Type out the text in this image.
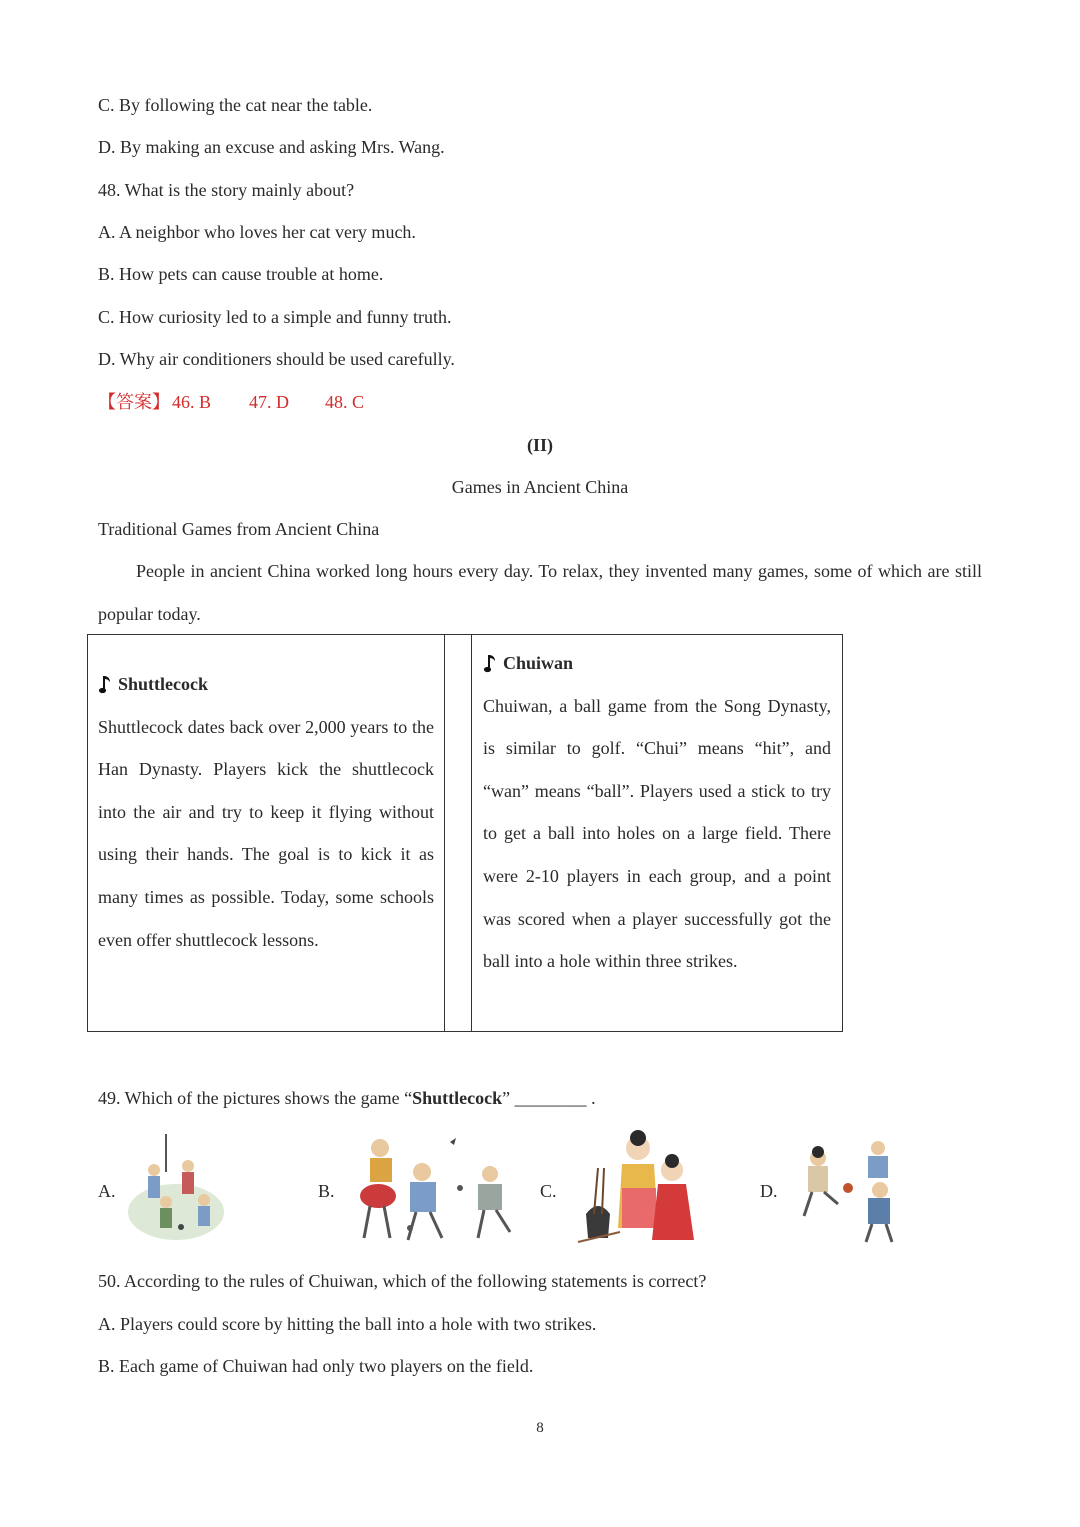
C. By following the cat near the table.
D. By making an excuse and asking Mrs. Wang.
48. What is the story mainly about?
A. A neighbor who loves her cat very much.
B. How pets can cause trouble at home.
C. How curiosity led to a simple and funny truth.
D. Why air conditioners should be used carefully.
【答案】 46. B 47. D 48. C
(II)
Games in Ancient China
Traditional Games from Ancient China
People in ancient China worked long hours every day. To relax, they invented many games, some of which are still popular today.
Shuttlecock
Shuttlecock dates back over 2,000 years to the Han Dynasty. Players kick the shuttlecock into the air and try to keep it flying without using their hands. The goal is to kick it as many times as possible. Today, some schools even offer shuttlecock lessons.
Chuiwan
Chuiwan, a ball game from the Song Dynasty, is similar to golf. “Chui” means “hit”, and “wan” means “ball”. Players used a stick to try to get a ball into holes on a large field. There were 2-10 players in each group, and a point was scored when a player successfully got the ball into a hole within three strikes.
49. Which of the pictures shows the game “Shuttlecock” ________ .
A.	B.	C.	D.
50. According to the rules of Chuiwan, which of the following statements is correct?
A. Players could score by hitting the ball into a hole with two strikes.
B. Each game of Chuiwan had only two players on the field.
8
